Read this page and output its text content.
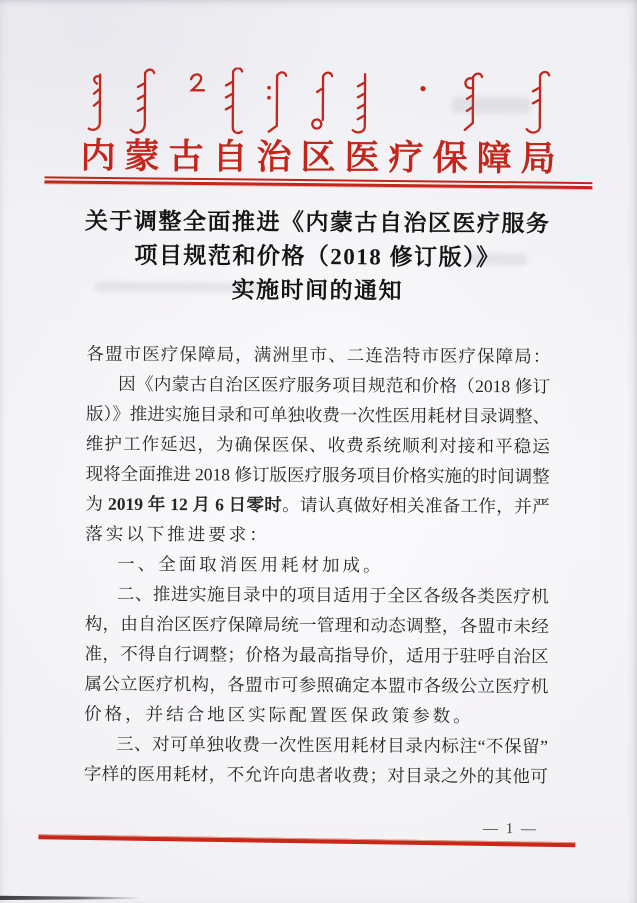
内蒙古自治区医疗保障局
关于调整全面推进《内蒙古自治区医疗服务
项目规范和价格（2018 修订版）》
实施时间的通知
各盟市医疗保障局，满洲里市、二连浩特市医疗保障局：
因《内蒙古自治区医疗服务项目规范和价格（2018 修订
版）》推进实施目录和可单独收费一次性医用耗材目录调整、
维护工作延迟，为确保医保、收费系统顺利对接和平稳运行，
现将全面推进 2018 修订版医疗服务项目价格实施的时间调整
为 2019 年 12 月 6 日零时。请认真做好相关准备工作，并严格
落实以下推进要求：
一、全面取消医用耗材加成。
二、推进实施目录中的项目适用于全区各级各类医疗机
构，由自治区医疗保障局统一管理和动态调整，各盟市未经批
准，不得自行调整；价格为最高指导价，适用于驻呼自治区直
属公立医疗机构，各盟市可参照确定本盟市各级公立医疗机构
价格，并结合地区实际配置医保政策参数。
三、对可单独收费一次性医用耗材目录内标注“不保留”
字样的医用耗材，不允许向患者收费；对目录之外的其他可单
— 1 —
